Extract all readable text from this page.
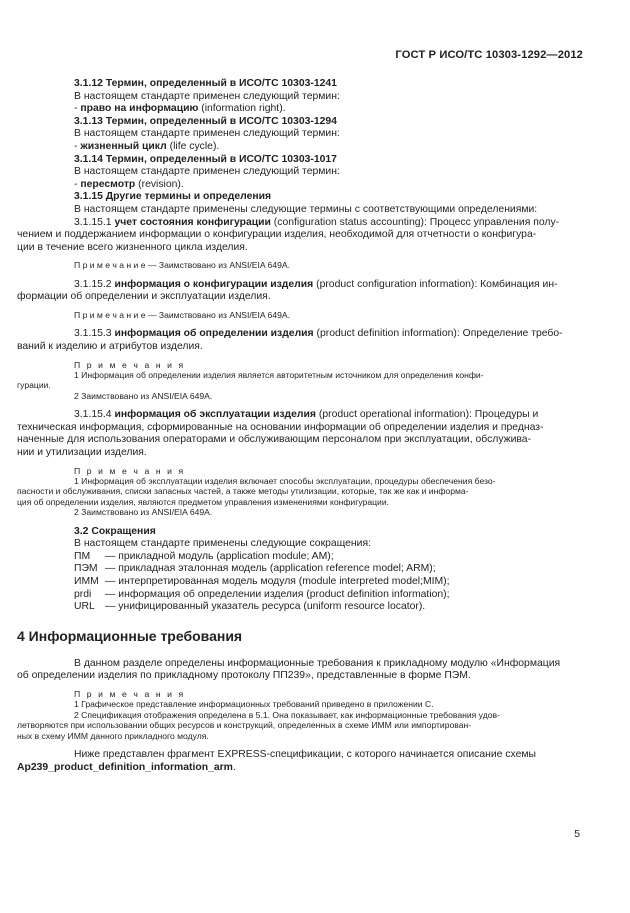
ГОСТ Р ИСО/ТС 10303-1292—2012
3.1.12 Термин, определенный в ИСО/ТС 10303-1241
В настоящем стандарте применен следующий термин:
- право на информацию (information right).
3.1.13 Термин, определенный в ИСО/ТС 10303-1294
В настоящем стандарте применен следующий термин:
- жизненный цикл (life cycle).
3.1.14 Термин, определенный в ИСО/ТС 10303-1017
В настоящем стандарте применен следующий термин:
- пересмотр (revision).
3.1.15 Другие термины и определения
В настоящем стандарте применены следующие термины с соответствующими определениями:
3.1.15.1 учет состояния конфигурации (configuration status accounting): Процесс управления полу-
чением и поддержанием информации о конфигурации изделия, необходимой для отчетности о конфигура-
ции в течение всего жизненного цикла изделия.
П р и м е ч а н и е — Заимствовано из ANSI/EIA 649A.
3.1.15.2 информация о конфигурации изделия (product configuration information): Комбинация ин-
формации об определении и эксплуатации изделия.
П р и м е ч а н и е — Заимствовано из ANSI/EIA 649A.
3.1.15.3 информация об определении изделия (product definition information): Определение требо-
ваний к изделию и атрибутов изделия.
П р и м е ч а н и я
1 Информация об определении изделия является авторитетным источником для определения конфи-
гурации.
2 Заимствовано из ANSI/EIA 649A.
3.1.15.4 информация об эксплуатации изделия (product operational information): Процедуры и
техническая информация, сформированные на основании информации об определении изделия и предназ-
наченные для использования операторами и обслуживающим персоналом при эксплуатации, обслужива-
нии и утилизации изделия.
П р и м е ч а н и я
1 Информация об эксплуатации изделия включает способы эксплуатации, процедуры обеспечения безо-
пасности и обслуживания, списки запасных частей, а также методы утилизации, которые, так же как и информа-
ция об определении изделия, являются предметом управления изменениями конфигурации.
2 Заимствовано из ANSI/EIA 649A.
3.2 Сокращения
В настоящем стандарте применены следующие сокращения:
ПМ	— прикладной модуль (application module; AM);
ПЭМ — прикладная эталонная модель (application reference model; ARM);
ИММ — интерпретированная модель модуля (module interpreted model;MIM);
prdi	— информация об определении изделия (product definition information);
URL — унифицированный указатель ресурса (uniform resource locator).
4 Информационные требования
В данном разделе определены информационные требования к прикладному модулю «Информация
об определении изделия по прикладному протоколу ПП239», представленные в форме ПЭМ.
П р и м е ч а н и я
1 Графическое представление информационных требований приведено в приложении С.
2 Спецификация отображения определена в 5.1. Она показывает, как информационные требования удов-
летворяются при использовании общих ресурсов и конструкций, определенных в схеме ИММ или импортирован-
ных в схему ИММ данного прикладного модуля.
Ниже представлен фрагмент EXPRESS-спецификации, с которого начинается описание схемы
Ap239_product_definition_information_arm.
5
